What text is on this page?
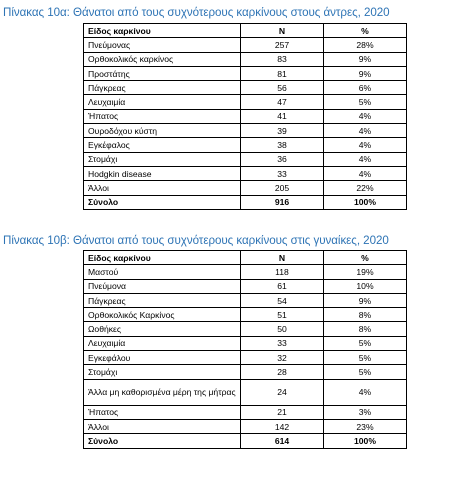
Πίνακας 10α: Θάνατοι από τους συχνότερους καρκίνους στους άντρες, 2020
Είδος καρκίνου	N	%
Πνεύμονας	257	28%
Ορθοκολικός καρκίνος	83	9%
Προστάτης	81	9%
Πάγκρεας	56	6%
Λευχαιμία	47	5%
Ήπατος	41	4%
Ουροδόχου κύστη	39	4%
Εγκέφαλος	38	4%
Στομάχι	36	4%
Hodgkin disease	33	4%
Άλλοι	205	22%
Σύνολο	916	100%
Πίνακας 10β: Θάνατοι από τους συχνότερους καρκίνους στις γυναίκες, 2020
Είδος καρκίνου	N	%
Μαστού	118	19%
Πνεύμονα	61	10%
Πάγκρεας	54	9%
Ορθοκολικός Καρκίνος	51	8%
Ωοθήκες	50	8%
Λευχαιμία	33	5%
Εγκεφάλου	32	5%
Στομάχι	28	5%
Άλλα μη καθορισμένα μέρη της μήτρας	24	4%
Ήπατος	21	3%
Άλλοι	142	23%
Σύνολο	614	100%
